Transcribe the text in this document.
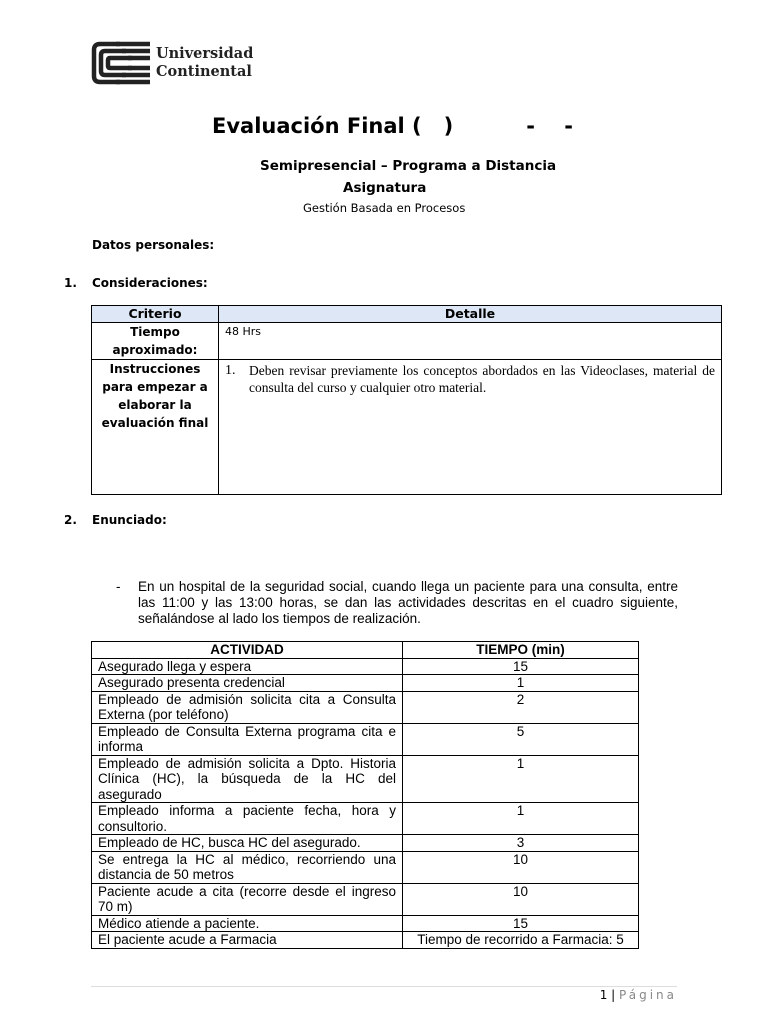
Universidad
Continental
Evaluación Final (   )          -    -
Semipresencial – Programa a Distancia
Asignatura
Gestión Basada en Procesos
Datos personales:
1. Consideraciones:
Criterio	Detalle
Tiempo aproximado:	48 Hrs
Instrucciones para empezar a elaborar la evaluación final	1. Deben revisar previamente los conceptos abordados en las Videoclases, material de consulta del curso y cualquier otro material.
2. Enunciado:
-	En un hospital de la seguridad social, cuando llega un paciente para una consulta, entre las 11:00 y las 13:00 horas, se dan las actividades descritas en el cuadro siguiente, señalándose al lado los tiempos de realización.
ACTIVIDAD	TIEMPO (min)
Asegurado llega y espera	15
Asegurado presenta credencial	1
Empleado de admisión solicita cita a Consulta Externa (por teléfono)	2
Empleado de Consulta Externa programa cita e informa	5
Empleado de admisión solicita a Dpto. Historia Clínica (HC), la búsqueda de la HC del asegurado	1
Empleado informa a paciente fecha, hora y consultorio.	1
Empleado de HC, busca HC del asegurado.	3
Se entrega la HC al médico, recorriendo una distancia de 50 metros	10
Paciente acude a cita (recorre desde el ingreso 70 m)	10
Médico atiende a paciente.	15
El paciente acude a Farmacia	Tiempo de recorrido a Farmacia: 5
1 | Página
